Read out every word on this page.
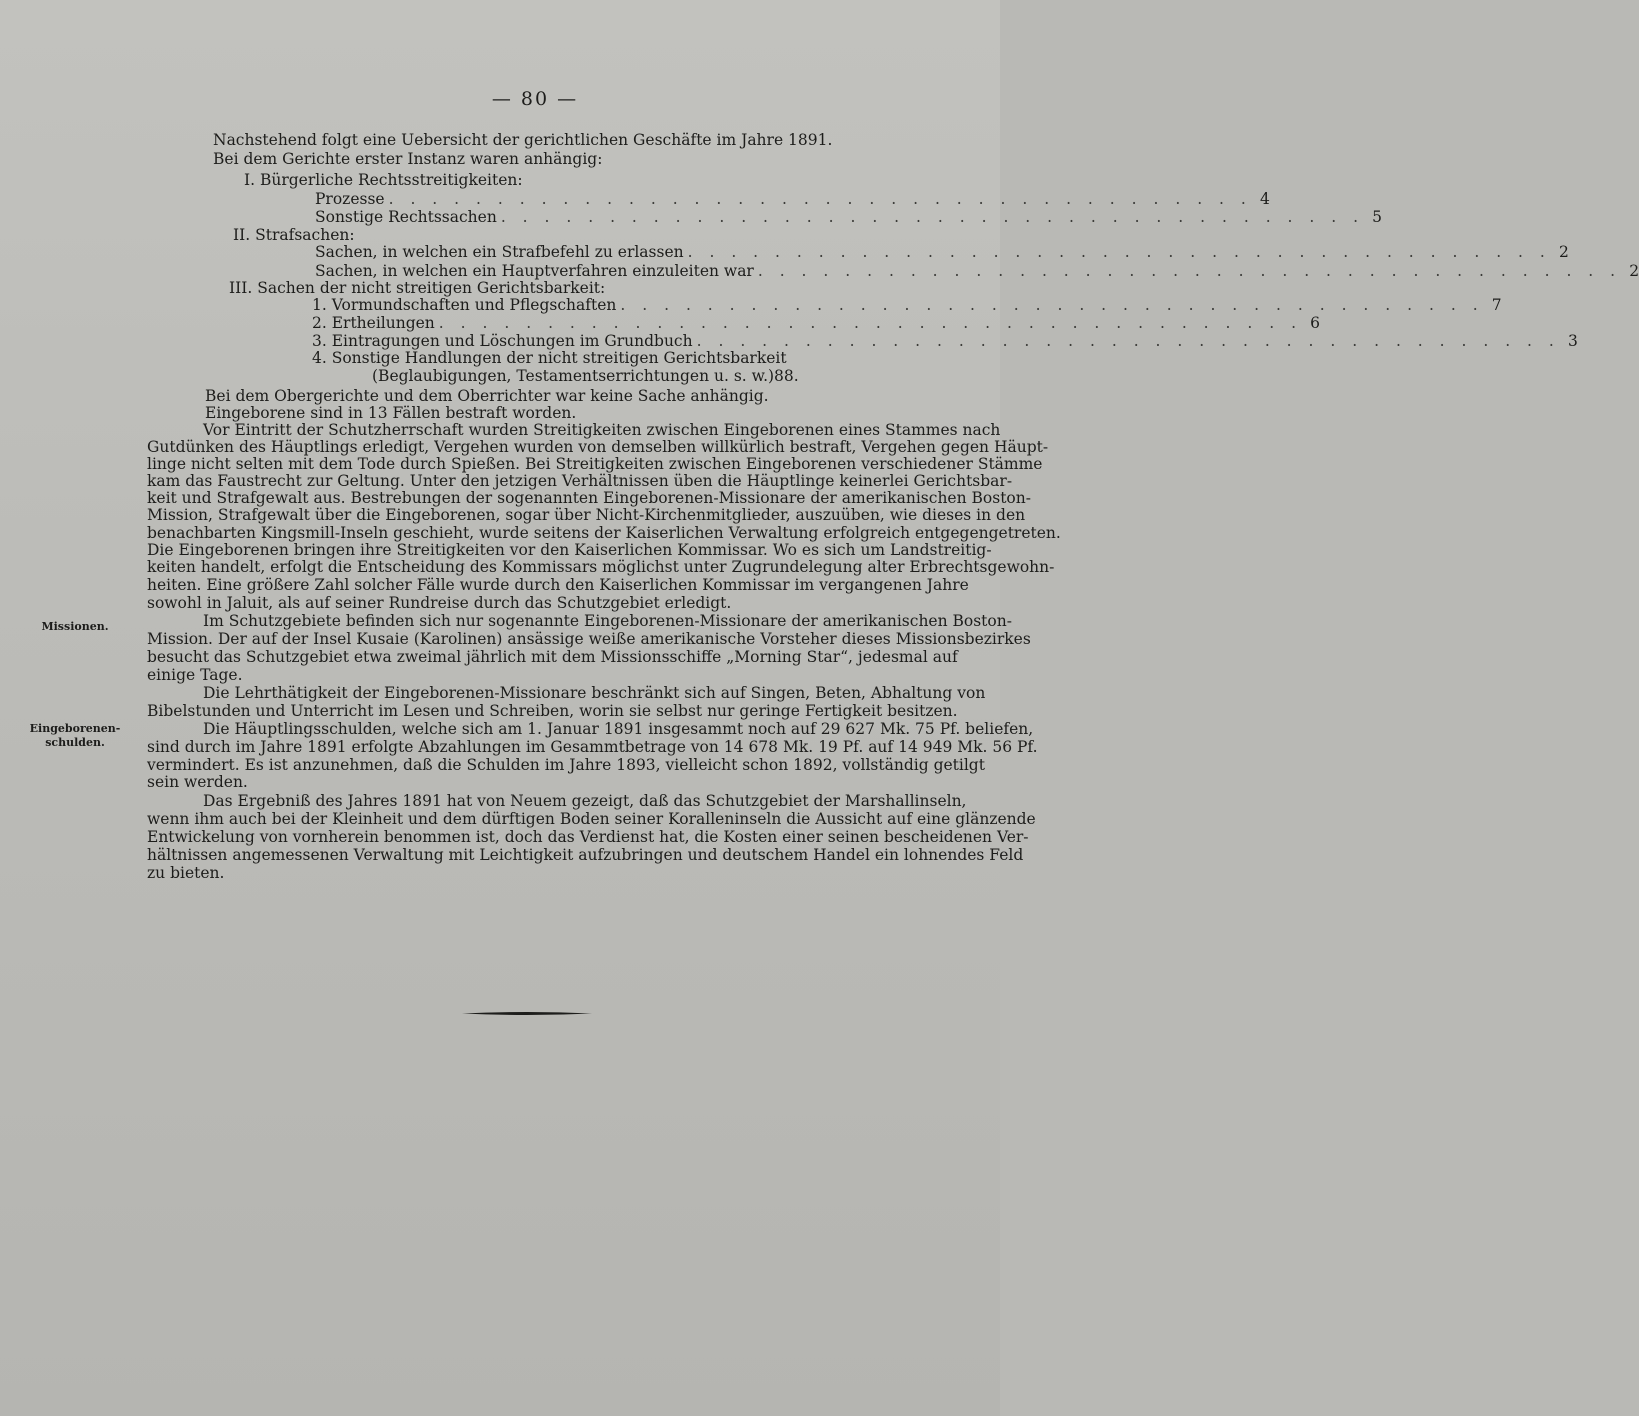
— 80 —
Nachstehend folgt eine Uebersicht der gerichtlichen Geschäfte im Jahre 1891.
Bei dem Gerichte erster Instanz waren anhängig:
I. Bürgerliche Rechtsstreitigkeiten:
Prozesse . . . . . . . . . . . . . . . . . . . . . . . . . . . . . . . . . . . . . . . . 4
Sonstige Rechtssachen . . . . . . . . . . . . . . . . . . . . . . . . . . . . . . . . . . . . . . . . 5
II. Strafsachen:
Sachen, in welchen ein Strafbefehl zu erlassen . . . . . . . . . . . . . . . . . . . . . . . . . . . . . . . . . . . . . . . . 2
Sachen, in welchen ein Hauptverfahren einzuleiten war . . . . . . . . . . . . . . . . . . . . . . . . . . . . . . . . . . . . . . . . 2
III. Sachen der nicht streitigen Gerichtsbarkeit:
1. Vormundschaften und Pflegschaften . . . . . . . . . . . . . . . . . . . . . . . . . . . . . . . . . . . . . . . . 7
2. Ertheilungen . . . . . . . . . . . . . . . . . . . . . . . . . . . . . . . . . . . . . . . . 6
3. Eintragungen und Löschungen im Grundbuch . . . . . . . . . . . . . . . . . . . . . . . . . . . . . . . . . . . . . . . . 3
4. Sonstige Handlungen der nicht streitigen Gerichtsbarkeit
(Beglaubigungen, Testamentserrichtungen u. s. w.) 88.
Bei dem Obergerichte und dem Oberrichter war keine Sache anhängig.
Eingeborene sind in 13 Fällen bestraft worden.
Vor Eintritt der Schutzherrschaft wurden Streitigkeiten zwischen Eingeborenen eines Stammes nach
Gutdünken des Häuptlings erledigt, Vergehen wurden von demselben willkürlich bestraft, Vergehen gegen Häupt-
linge nicht selten mit dem Tode durch Spießen. Bei Streitigkeiten zwischen Eingeborenen verschiedener Stämme
kam das Faustrecht zur Geltung. Unter den jetzigen Verhältnissen üben die Häuptlinge keinerlei Gerichtsbar-
keit und Strafgewalt aus. Bestrebungen der sogenannten Eingeborenen-Missionare der amerikanischen Boston-
Mission, Strafgewalt über die Eingeborenen, sogar über Nicht-Kirchenmitglieder, auszuüben, wie dieses in den
benachbarten Kingsmill-Inseln geschieht, wurde seitens der Kaiserlichen Verwaltung erfolgreich entgegengetreten.
Die Eingeborenen bringen ihre Streitigkeiten vor den Kaiserlichen Kommissar. Wo es sich um Landstreitig-
keiten handelt, erfolgt die Entscheidung des Kommissars möglichst unter Zugrundelegung alter Erbrechtsgewohn-
heiten. Eine größere Zahl solcher Fälle wurde durch den Kaiserlichen Kommissar im vergangenen Jahre
sowohl in Jaluit, als auf seiner Rundreise durch das Schutzgebiet erledigt.
Missionen.	Im Schutzgebiete befinden sich nur sogenannte Eingeborenen-Missionare der amerikanischen Boston-
Mission. Der auf der Insel Kusaie (Karolinen) ansässige weiße amerikanische Vorsteher dieses Missionsbezirkes
besucht das Schutzgebiet etwa zweimal jährlich mit dem Missionsschiffe „Morning Star“, jedesmal auf
einige Tage.
Die Lehrthätigkeit der Eingeborenen-Missionare beschränkt sich auf Singen, Beten, Abhaltung von
Bibelstunden und Unterricht im Lesen und Schreiben, worin sie selbst nur geringe Fertigkeit besitzen.
Eingeborenen-
schulden.
Die Häuptlingsschulden, welche sich am 1. Januar 1891 insgesammt noch auf 29 627 Mk. 75 Pf. beliefen,
sind durch im Jahre 1891 erfolgte Abzahlungen im Gesammtbetrage von 14 678 Mk. 19 Pf. auf 14 949 Mk. 56 Pf.
vermindert. Es ist anzunehmen, daß die Schulden im Jahre 1893, vielleicht schon 1892, vollständig getilgt
sein werden.
Das Ergebniß des Jahres 1891 hat von Neuem gezeigt, daß das Schutzgebiet der Marshallinseln,
wenn ihm auch bei der Kleinheit und dem dürftigen Boden seiner Koralleninseln die Aussicht auf eine glänzende
Entwickelung von vornherein benommen ist, doch das Verdienst hat, die Kosten einer seinen bescheidenen Ver-
hältnissen angemessenen Verwaltung mit Leichtigkeit aufzubringen und deutschem Handel ein lohnendes Feld
zu bieten.
